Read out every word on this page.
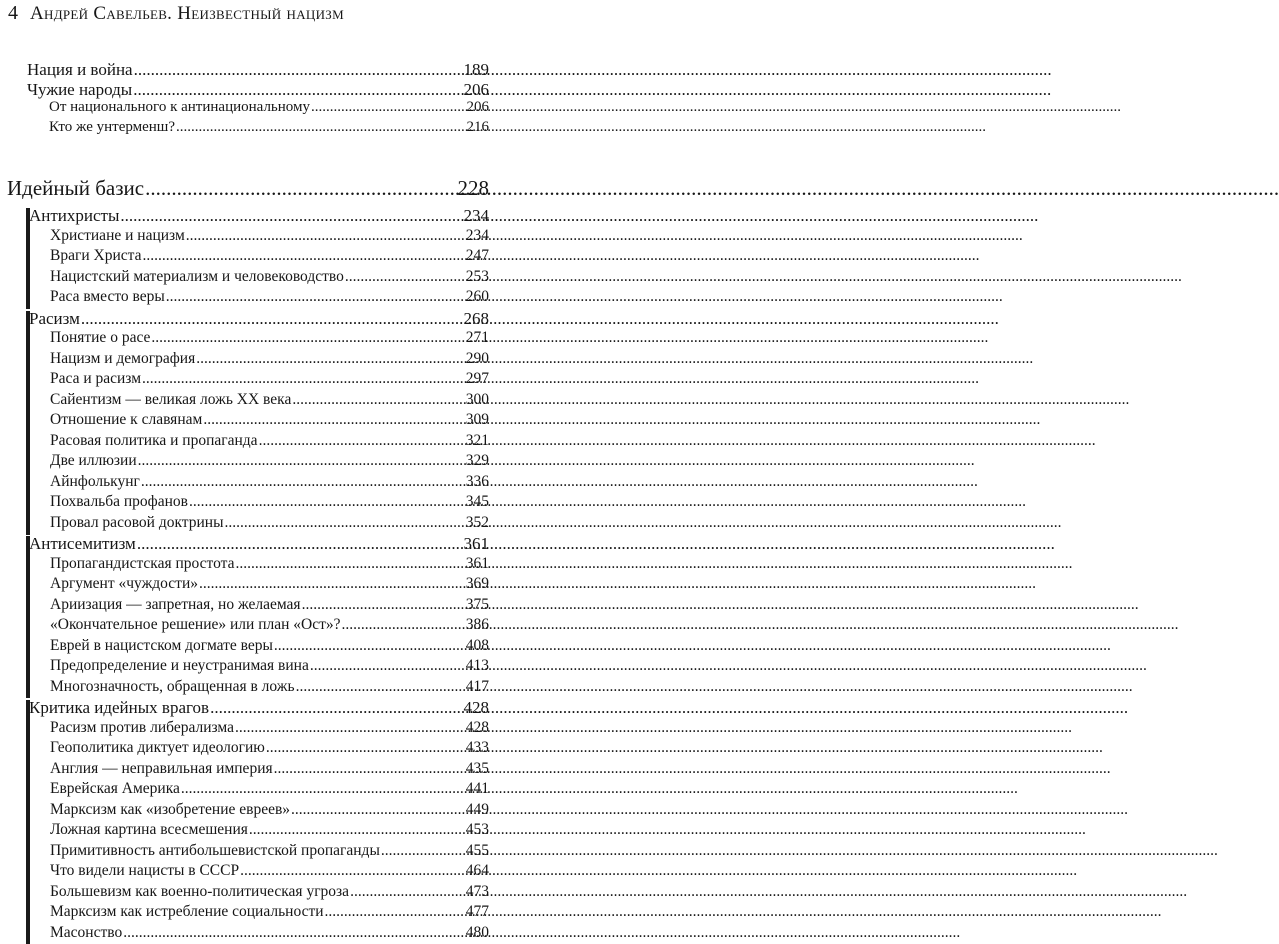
4 Андрей Савельев. Неизвестный нацизм
Нация и война .....	189
Чужие народы .....	206
От национального к антинациональному .....	206
Кто же унтерменш? .....	216
Идейный базис .....	228
Антихристы .....	234
Христиане и нацизм .....	234
Враги Христа .....	247
Нацистский материализм и человеководство .....	253
Раса вместо веры .....	260
Расизм .....	268
Понятие о расе .....	271
Нацизм и демография .....	290
Раса и расизм .....	297
Сайентизм — великая ложь XX века .....	300
Отношение к славянам .....	309
Расовая политика и пропаганда .....	321
Две иллюзии .....	329
Айнфолькунг .....	336
Похвальба профанов .....	345
Провал расовой доктрины .....	352
Антисемитизм .....	361
Пропагандистская простота .....	361
Аргумент «чуждости» .....	369
Ариизация — запретная, но желаемая .....	375
«Окончательное решение» или план «Ост»? .....	386
Еврей в нацистском догмате веры .....	408
Предопределение и неустранимая вина .....	413
Многозначность, обращенная в ложь .....	417
Критика идейных врагов .....	428
Расизм против либерализма .....	428
Геополитика диктует идеологию .....	433
Англия — неправильная империя .....	435
Еврейская Америка .....	441
Марксизм как «изобретение евреев» .....	449
Ложная картина всесмешения .....	453
Примитивность антибольшевистской пропаганды .....	455
Что видели нацисты в СССР .....	464
Большевизм как военно-политическая угроза .....	473
Марксизм как истребление социальности .....	477
Масонство .....	480
